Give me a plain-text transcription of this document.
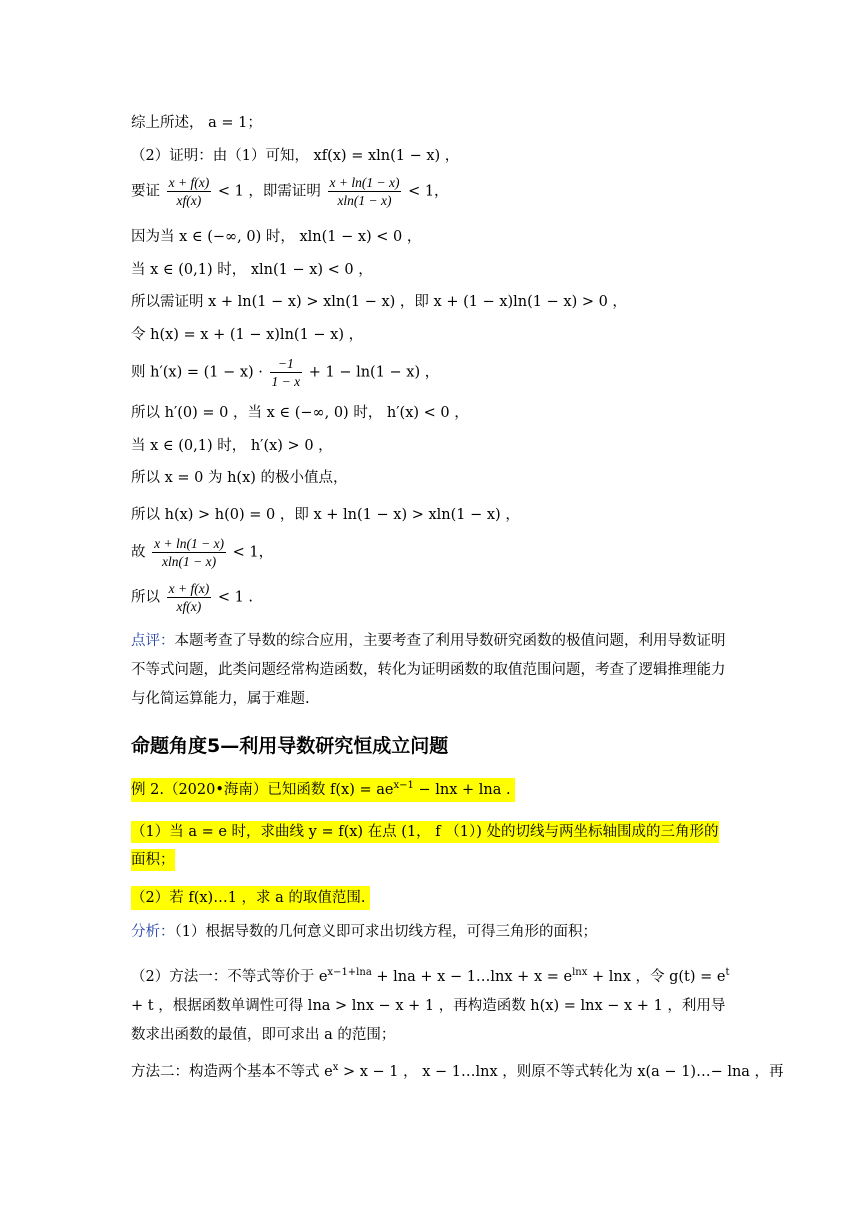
综上所述， a = 1；
（2）证明：由（1）可知， xf(x) = xln(1 − x) ，
要证 $\frac{x + f(x)}{xf(x)} < 1$ ，即需证明 $\frac{x + \ln(1 - x)}{xln(1 - x)} < 1$，
因为当 x ∈ (−∞, 0) 时， xln(1 − x) < 0 ，
当 x ∈ (0,1) 时， xln(1 − x) < 0 ，
所以需证明 x + ln(1 − x) > xln(1 − x) ，即 x + (1 − x)ln(1 − x) > 0 ，
令 h(x) = x + (1 − x)ln(1 − x) ，
则 $h'(x) = (1 - x) \cdot \frac{-1}{1 - x} + 1 - \ln(1 - x)$ ，
所以 h′(0) = 0 ，当 x ∈ (−∞, 0) 时， h′(x) < 0 ，
当 x ∈ (0,1) 时， h′(x) > 0 ，
所以 x = 0 为 h(x) 的极小值点，
所以 h(x) > h(0) = 0 ，即 x + ln(1 − x) > xln(1 − x) ，
故 $\frac{x + \ln(1 - x)}{xln(1 - x)} < 1$，
所以 $\frac{x + f(x)}{xf(x)} < 1$ .
点评：本题考查了导数的综合应用，主要考查了利用导数研究函数的极值问题，利用导数证明不等式问题，此类问题经常构造函数，转化为证明函数的取值范围问题，考查了逻辑推理能力与化简运算能力，属于难题.
命题角度5—利用导数研究恒成立问题
例 2.（2020•海南）已知函数 $f(x) = ae^{x-1} - \ln x + \ln a$ .
（1）当 a = e 时，求曲线 y = f(x) 在点 (1， f （1）) 处的切线与两坐标轴围成的三角形的
面积；
（2）若 f(x)…1 ，求 a 的取值范围.
分析：（1）根据导数的几何意义即可求出切线方程，可得三角形的面积；
（2）方法一：不等式等价于 $e^{x-1+lna} + \ln a + x$ − 1…lnx + $x = e^{lnx} + \ln x$ ，令 $g(t) = e^t + t$ ，根据函数单调性可得 lna > lnx − x + 1 ，再构造函数 h(x) = lnx − x + 1 ，利用导数求出函数的最值，即可求出 a 的范围；
方法二：构造两个基本不等式 $e^x > x - 1$ ， x − 1…lnx ，则原不等式转化为 x(a − 1)…− lna ，再
